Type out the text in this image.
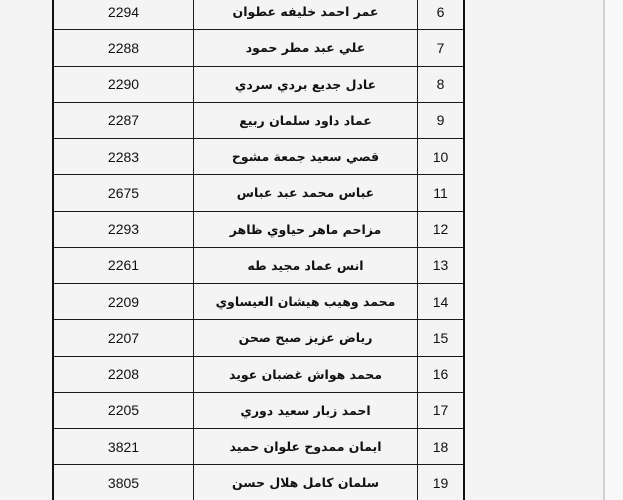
2294	عمر احمد خليفه عطوان	6
2288	علي عبد مطر حمود	7
2290	عادل جديع بردي سردي	8
2287	عماد داود سلمان ربيع	9
2283	قصي سعيد جمعة مشوح	10
2675	عباس محمد عبد عباس	11
2293	مزاحم ماهر حياوي ظاهر	12
2261	انس عماد مجيد طه	13
2209	محمد وهيب هيشان العيساوي	14
2207	رياض عزيز صبح صحن	15
2208	محمد هواش غضبان عويد	16
2205	احمد زبار سعيد دوري	17
3821	ايمان ممدوح علوان حميد	18
3805	سلمان كامل هلال حسن	19
